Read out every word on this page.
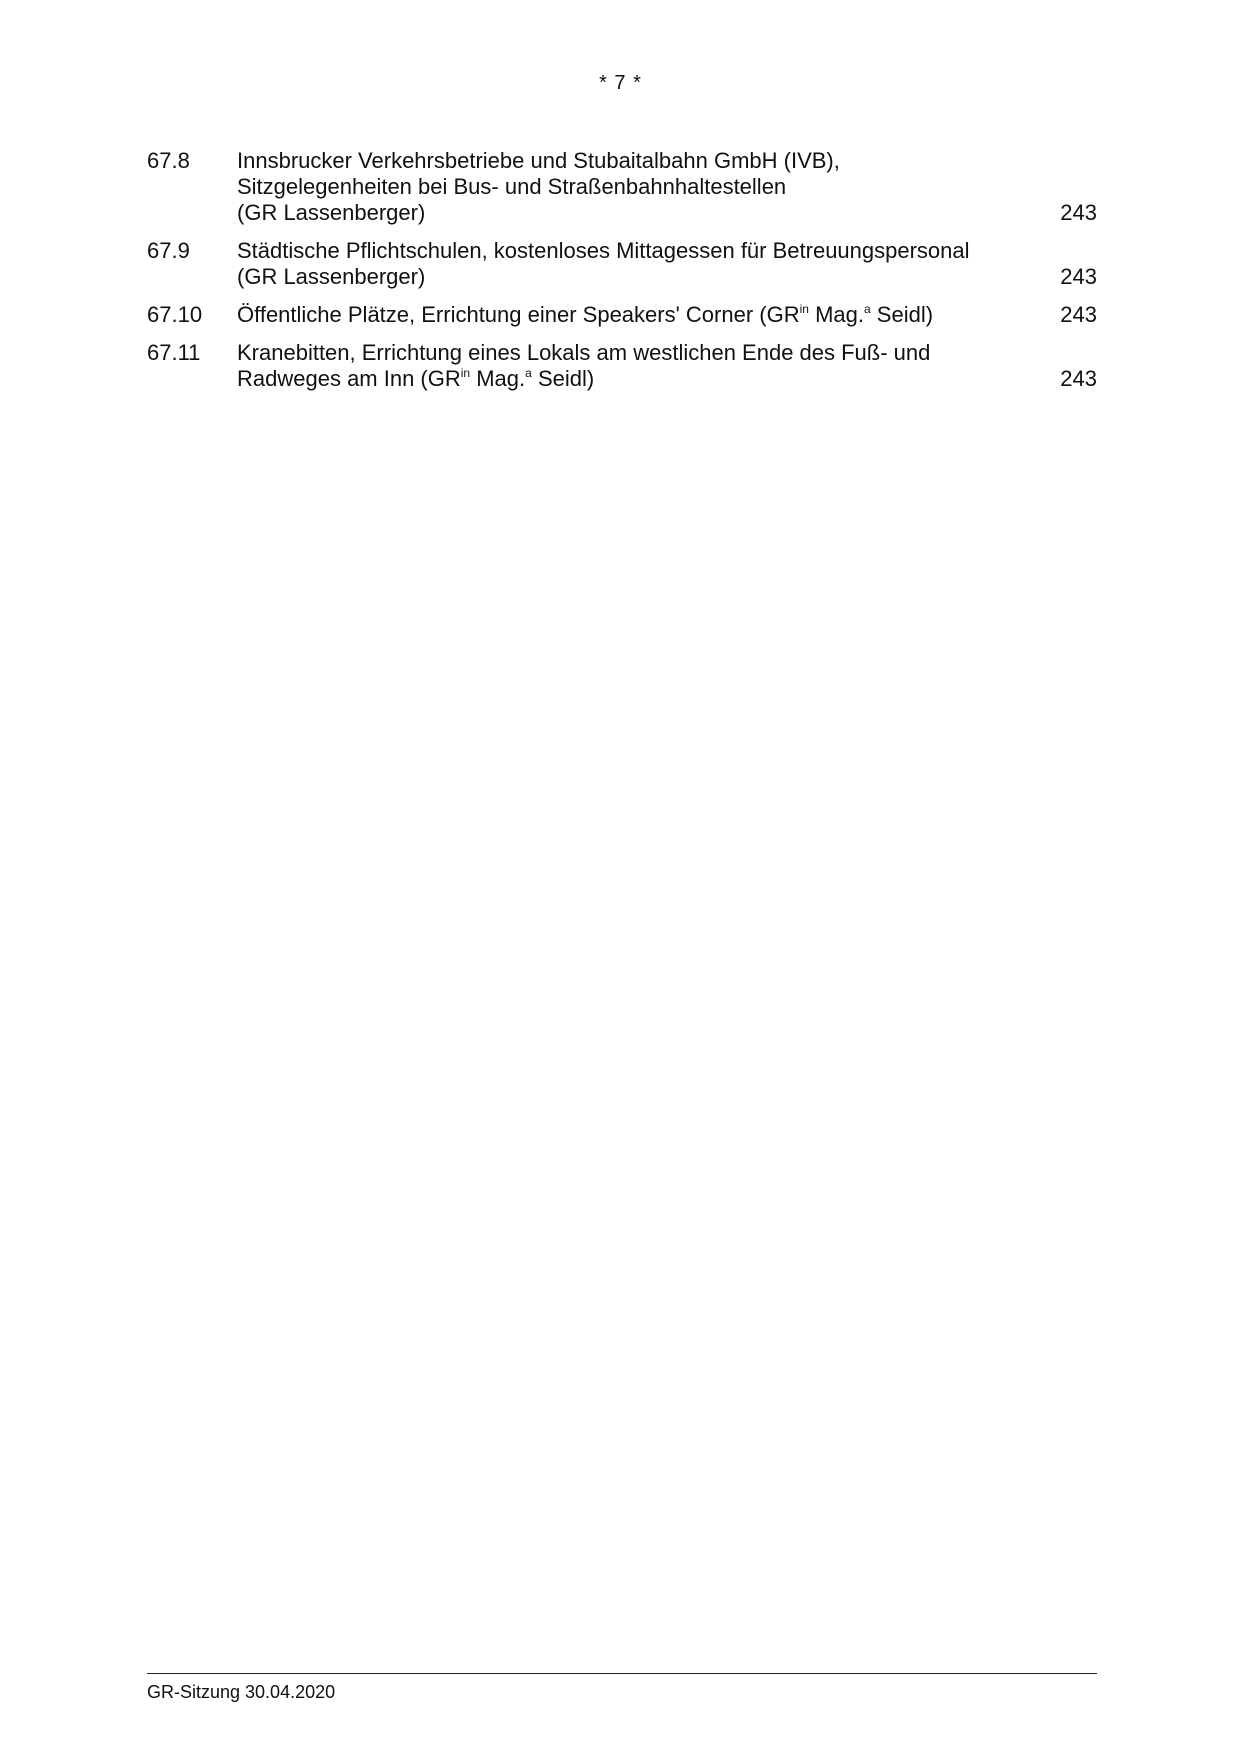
* 7 *
67.8	Innsbrucker Verkehrsbetriebe und Stubaitalbahn GmbH (IVB),
Sitzgelegenheiten bei Bus- und Straßenbahnhaltestellen
(GR Lassenberger)	243
67.9	Städtische Pflichtschulen, kostenloses Mittagessen für Betreuungspersonal
(GR Lassenberger)	243
67.10	Öffentliche Plätze, Errichtung einer Speakers' Corner ($GR^{in}$ Mag.$^a$ Seidl)	243
67.11	Kranebitten, Errichtung eines Lokals am westlichen Ende des Fuß- und
Radweges am Inn ($GR^{in}$ Mag.$^a$ Seidl)	243
GR-Sitzung 30.04.2020
